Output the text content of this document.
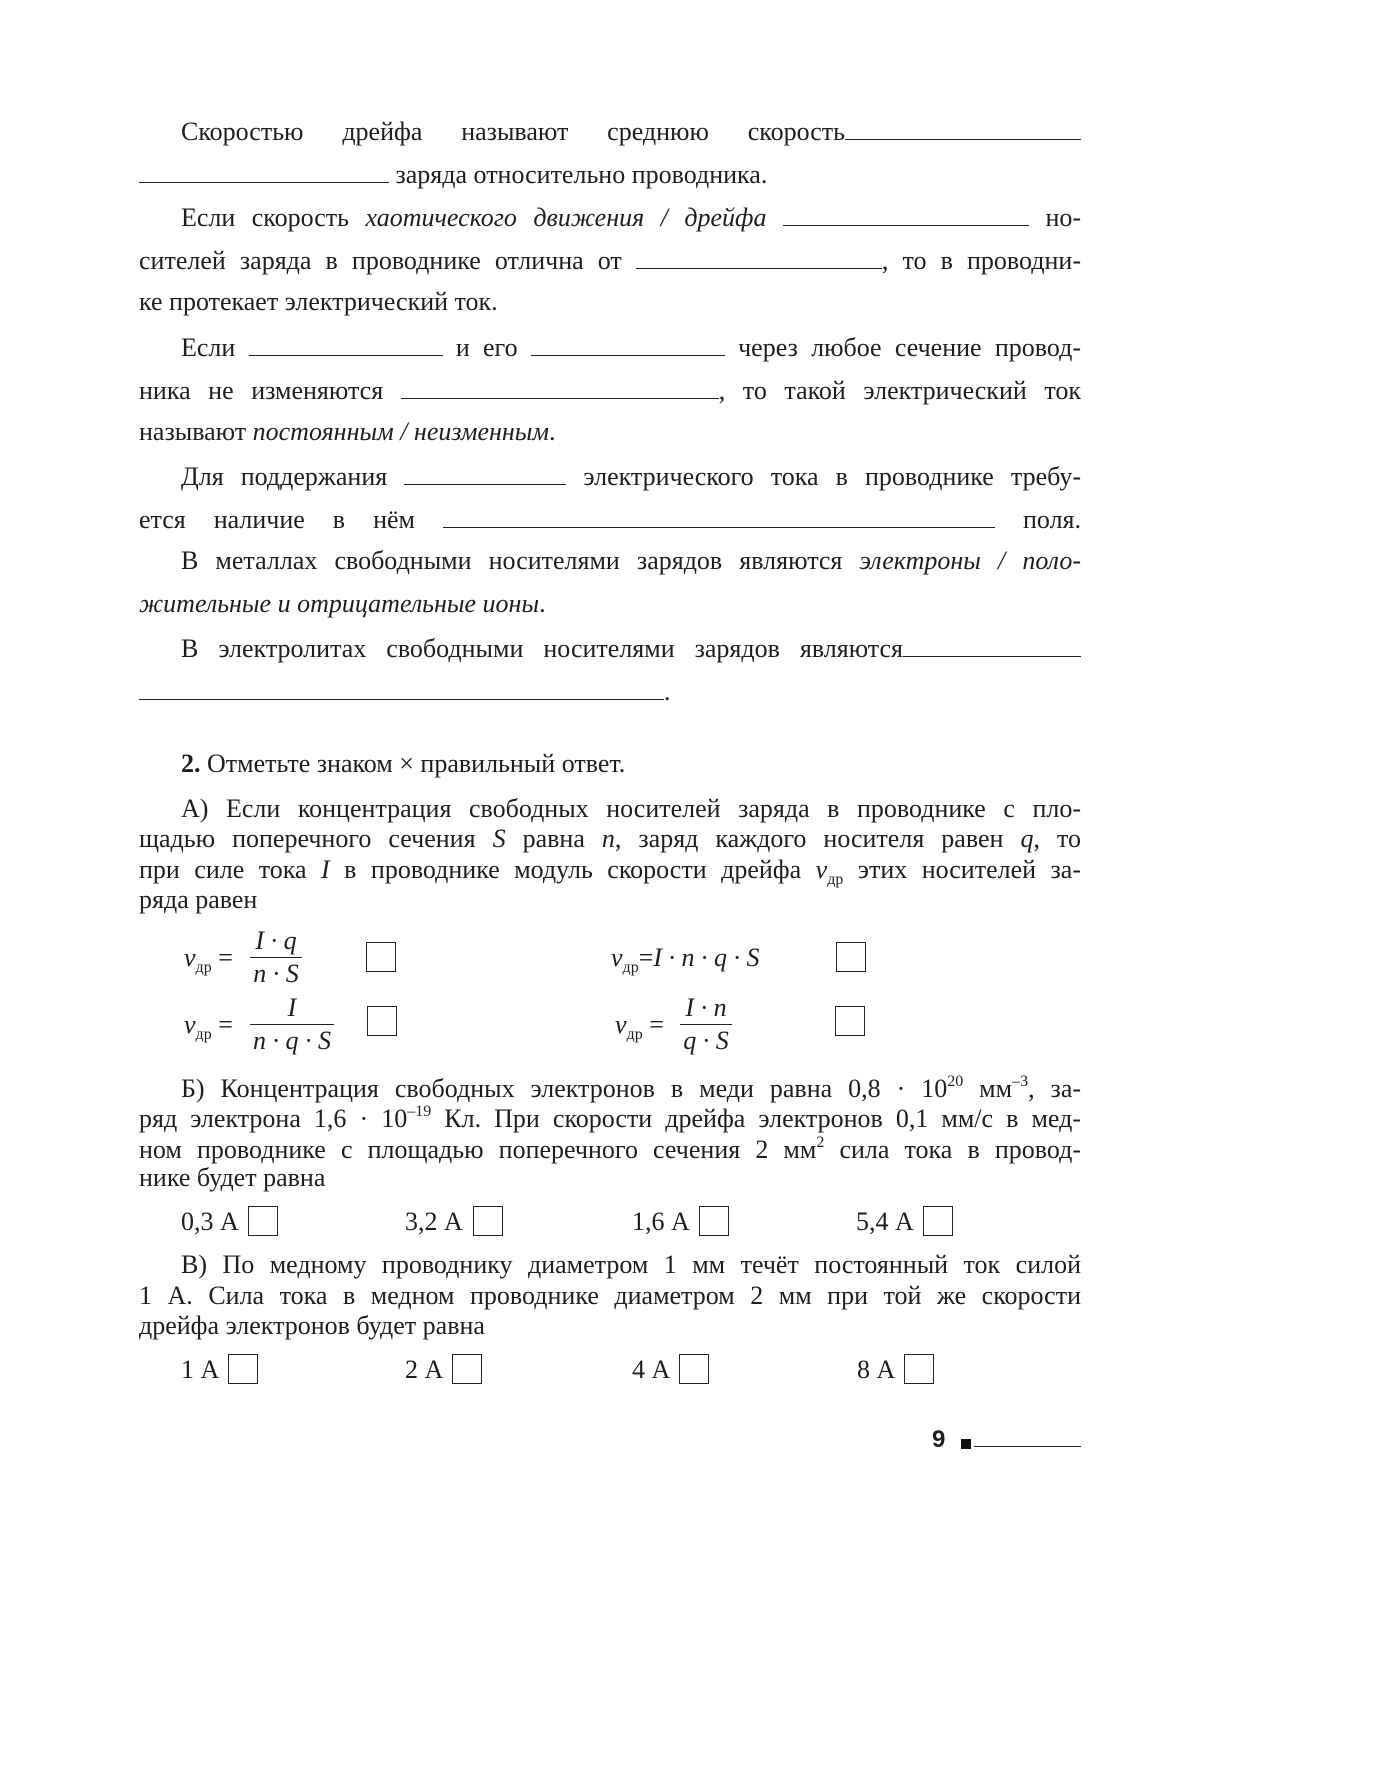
Скоростью дрейфа называют среднюю скорость
заряда относительно проводника.
Если скорость хаотического движения / дрейфа	но-
сителей заряда в проводнике отлична от	, то в проводни-
ке протекает электрический ток.
Если	и его	через любое сечение провод-
ника не изменяются	, то такой электрический ток
называют постоянным / неизменным.
Для поддержания	электрического тока в проводнике требу-
ется наличие в нём	поля.
В металлах свободными носителями зарядов являются электроны / поло-
жительные и отрицательные ионы.
В электролитах свободными носителями зарядов являются
.
2. Отметьте знаком × правильный ответ.
А) Если концентрация свободных носителей заряда в проводнике с пло-
щадью поперечного сечения S равна n, заряд каждого носителя равен q, то
при силе тока I в проводнике модуль скорости дрейфа $v_{др}$ этих носителей за-
ряда равен
$v_{др}$ =
I · q
n · S
$v_{др}=I \cdot n \cdot q \cdot S$
$v_{др}$ =
I
n · q · S
$v_{др}$ =
I · n
q · S
Б) Концентрация свободных электронов в меди равна $0,8 \cdot 10^{20}$ $мм^{-3}$, за-
ряд электрона $1,6 \cdot 10^{-19}$ Кл. При скорости дрейфа электронов 0,1 мм/с в мед-
ном проводнике с площадью поперечного сечения 2 $мм^2$ сила тока в провод-
нике будет равна
0,3 А	3,2 А	1,6 А	5,4 А
В) По медному проводнику диаметром 1 мм течёт постоянный ток силой
1 А. Сила тока в медном проводнике диаметром 2 мм при той же скорости
дрейфа электронов будет равна
1 А	2 А	4 А	8 А
9
